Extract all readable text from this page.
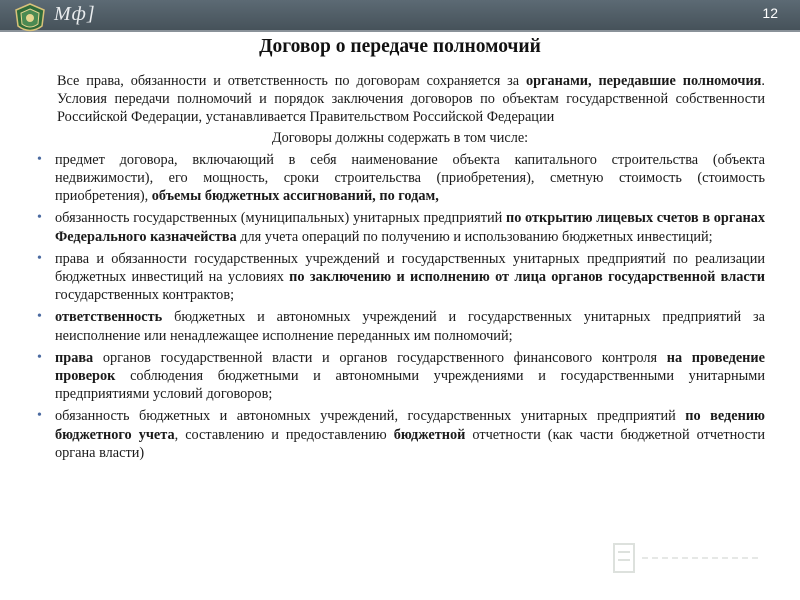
Мф]	12
Договор о передаче полномочий

Все права, обязанности и ответственность по договорам сохраняется за органами, передавшие полномочия. Условия передачи полномочий и порядок заключения договоров по объектам государственной собственности Российской Федерации, устанавливается Правительством Российской Федерации

Договоры должны содержать в том числе:

• предмет договора, включающий в себя наименование объекта капитального строительства (объекта недвижимости), его мощность, сроки строительства (приобретения), сметную стоимость (стоимость приобретения), объемы бюджетных ассигнований, по годам,
• обязанность государственных (муниципальных) унитарных предприятий по открытию лицевых счетов в органах Федерального казначейства для учета операций по получению и использованию бюджетных инвестиций;
• права и обязанности государственных учреждений и государственных унитарных предприятий по реализации бюджетных инвестиций на условиях по заключению и исполнению от лица органов государственной власти государственных контрактов;
• ответственность бюджетных и автономных учреждений и государственных унитарных предприятий за неисполнение или ненадлежащее исполнение переданных им полномочий;
• права органов государственной власти и органов государственного финансового контроля на проведение проверок соблюдения бюджетными и автономными учреждениями и государственными унитарными предприятиями условий договоров;
• обязанность бюджетных и автономных учреждений, государственных унитарных предприятий по ведению бюджетного учета, составлению и предоставлению бюджетной отчетности (как части бюджетной отчетности органа власти)
